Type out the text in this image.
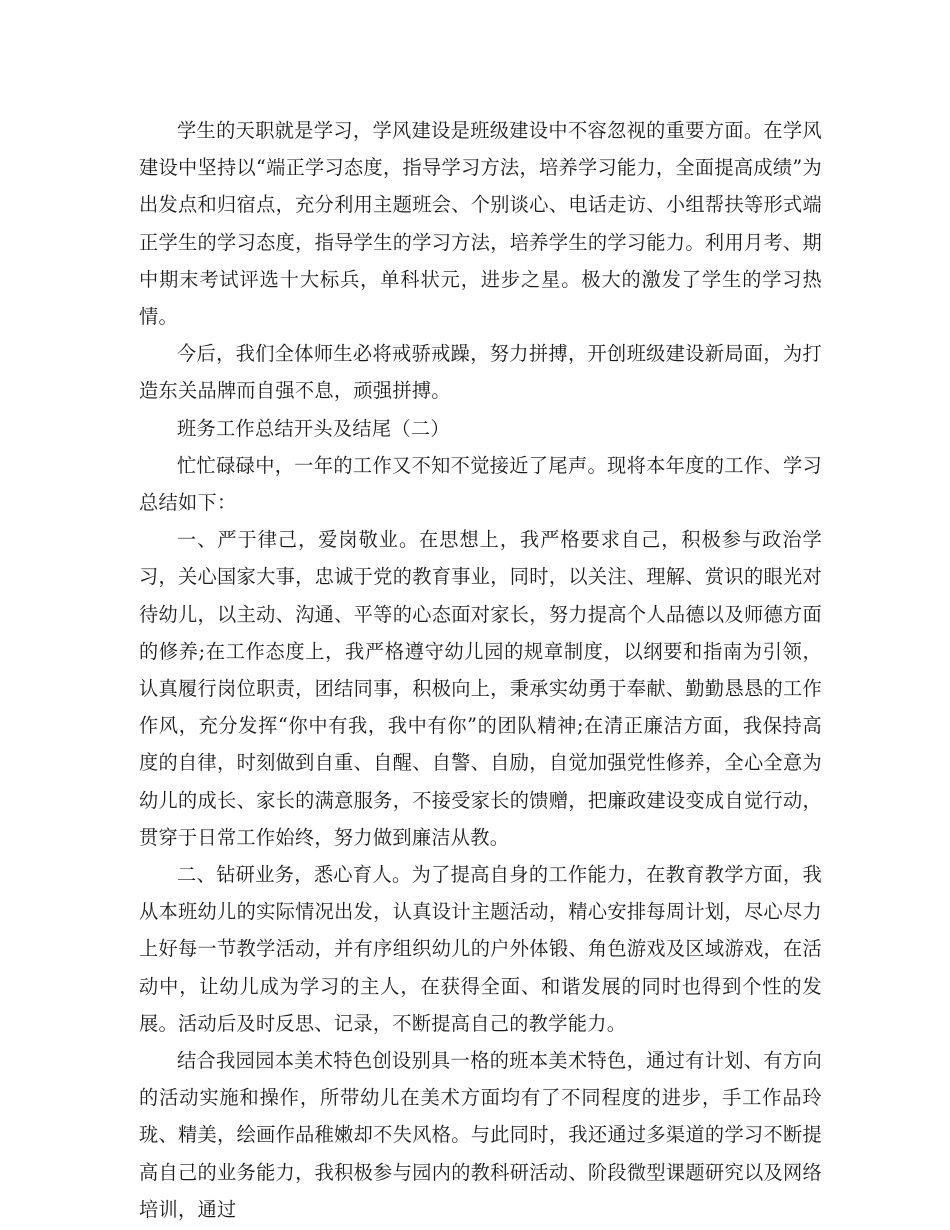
学生的天职就是学习，学风建设是班级建设中不容忽视的重要方面。在学风建设中坚持以“端正学习态度，指导学习方法，培养学习能力，全面提高成绩”为出发点和归宿点，充分利用主题班会、个别谈心、电话走访、小组帮扶等形式端正学生的学习态度，指导学生的学习方法，培养学生的学习能力。利用月考、期中期末考试评选十大标兵，单科状元，进步之星。极大的激发了学生的学习热情。

今后，我们全体师生必将戒骄戒躁，努力拼搏，开创班级建设新局面，为打造东关品牌而自强不息，顽强拼搏。

班务工作总结开头及结尾（二）

忙忙碌碌中，一年的工作又不知不觉接近了尾声。现将本年度的工作、学习总结如下：

一、严于律己，爱岗敬业。在思想上，我严格要求自己，积极参与政治学习，关心国家大事，忠诚于党的教育事业，同时，以关注、理解、赏识的眼光对待幼儿，以主动、沟通、平等的心态面对家长，努力提高个人品德以及师德方面的修养;在工作态度上，我严格遵守幼儿园的规章制度，以纲要和指南为引领，认真履行岗位职责，团结同事，积极向上，秉承实幼勇于奉献、勤勤恳恳的工作作风，充分发挥“你中有我，我中有你”的团队精神;在清正廉洁方面，我保持高度的自律，时刻做到自重、自醒、自警、自励，自觉加强党性修养，全心全意为幼儿的成长、家长的满意服务，不接受家长的馈赠，把廉政建设变成自觉行动，贯穿于日常工作始终，努力做到廉洁从教。

二、钻研业务，悉心育人。为了提高自身的工作能力，在教育教学方面，我从本班幼儿的实际情况出发，认真设计主题活动，精心安排每周计划，尽心尽力上好每一节教学活动，并有序组织幼儿的户外体锻、角色游戏及区域游戏，在活动中，让幼儿成为学习的主人，在获得全面、和谐发展的同时也得到个性的发展。活动后及时反思、记录，不断提高自己的教学能力。

结合我园园本美术特色创设别具一格的班本美术特色，通过有计划、有方向的活动实施和操作，所带幼儿在美术方面均有了不同程度的进步，手工作品玲珑、精美，绘画作品稚嫩却不失风格。与此同时，我还通过多渠道的学习不断提高自己的业务能力，我积极参与园内的教科研活动、阶段微型课题研究以及网络培训，通过
